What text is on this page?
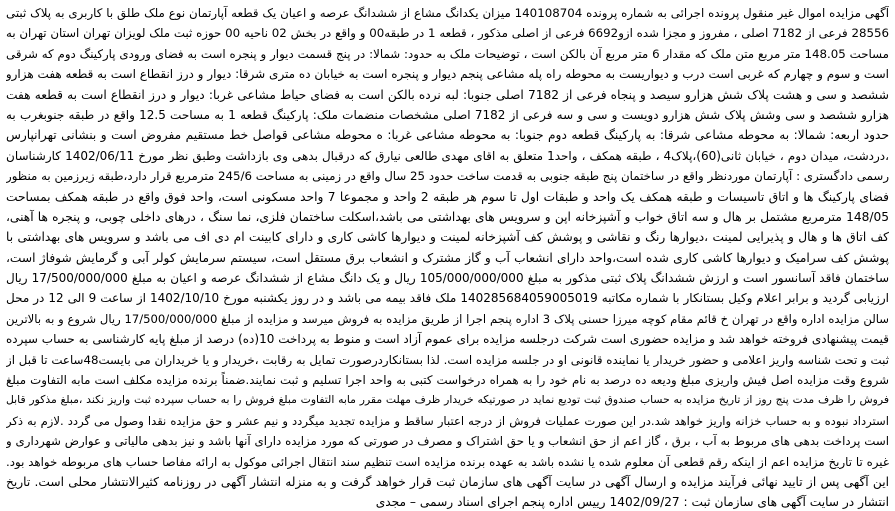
آگهی مزایده اموال غیر منقول پرونده اجرائی به شماره پرونده 140108704 میزان یکدانگ مشاع از ششدانگ عرصه و اعیان یک قطعه آپارتمان نوع ملک طلق با کاربری به پلاک ثبتی
28556 فرعی از 7182 اصلی ، مفروز و مجزا شده ازو6692 فرعی از اصلی مذکور ، قطعه 1 در طبقه00 و واقع در بخش 02 ناحیه 00 حوزه ثبت ملک لویزان تهران استان تهران به
مساحت 148.05 متر مربع متن ملک که مقدار 6 متر مربع آن بالکن است ، توضیحات ملک به حدود: شمالا: در پنج قسمت دیوار و پنجره است به فضای ورودی پارکینگ دوم که شرقی
است و سوم و چهارم که غربی است درب و دیواریست به محوطه راه پله مشاعی پنجم دیوار و پنجره است به خیابان ده متری شرقا: دیوار و درز انقطاع است به قطعه هفت هزارو
ششصد و سی و هشت پلاک شش هزارو سیصد و پنجاه فرعی از 7182 اصلی جنوبا: لبه نرده بالکن است به فضای حیاط مشاعی غربا: دیوار و درز انقطاع است به قطعه هفت
هزارو ششصد و سی وشش پلاک شش هزارو دویست و سی و سه فرعی از 7182 اصلی مشخصات منضمات ملک: پارکینگ قطعه 1 به مساحت 12.5 واقع در طبقه جنوبغرب به
حدود اربعه: شمالا: به محوطه مشاعی شرقا: به پارکینگ قطعه دوم جنوبا: به محوطه مشاعی غربا: ه محوطه مشاعی قواصل خط مستقیم مفروض است و بنشانی تهرانپارس
،دردشت، میدان دوم ، خیابان ثانی(60)،پلاک4 ، طبقه همکف ، واحد1 متعلق به اقای مهدی طالعی نیارق که درقبال بدهی وی بازداشت وطبق نظر مورخ 1402/06/11 کارشناسان
رسمی دادگستری : آپارتمان موردنظر واقع در ساختمان پنج طبقه جنوبی به قدمت ساخت حدود 25 سال واقع در زمینی به مساحت 245/6 مترمربع قرار دارد،طبقه زیرزمین به منظور
فضای پارکینگ ها و اتاق تاسیسات و طبقه همکف یک واحد و طبقات اول تا سوم هر طبقه 2 واحد و مجموعا 7 واحد مسکونی است، واحد فوق واقع در طبقه همکف بمساحت
148/05 مترمربع مشتمل بر هال و سه اتاق خواب و آشپزخانه اپن و سرویس های بهداشتی می باشد،اسکلت ساختمان فلزی، نما سنگ ، درهای داخلی چوبی، و پنجره ها آهنی،
کف اتاق ها و هال و پذیرایی لمینت ،دیوارها رنگ و نقاشی و پوشش کف آشپزخانه لمینت و دیوارها کاشی کاری و دارای کابینت ام دی اف می باشد و سرویس های بهداشتی با
پوشش کف سرامیک و دیوارها کاشی کاری شده است،واحد دارای انشعاب آب و گاز مشترک و انشعاب برق مستقل است، سیستم سرمایش کولر آبی و گرمایش شوفاژ است،
ساختمان فاقد آسانسور است و ارزش ششدانگ پلاک ثبتی مذکور به مبلغ 105/000/000/000 ریال و یک دانگ مشاع از ششدانگ عرصه و اعیان به مبلغ 17/500/000/000 ریال
ارزیابی گردید و برابر اعلام وکیل بستانکار با شماره مکاتبه 140285684059005019 ملک فاقد بیمه می باشد و در روز یکشنبه مورخ 1402/10/10 از ساعت 9 الی 12 در محل
سالن مزایده اداره واقع در تهران خ قائم مقام کوچه میرزا حسنی پلاک 3 اداره پنجم اجرا از طریق مزایده به فروش میرسد و مزایده از مبلغ 17/500/000/000 ریال شروع و به بالاترین
قیمت پیشنهادی فروخته خواهد شد و مزایده حضوری است شرکت درجلسه مزایده برای عموم آزاد است و منوط به پرداخت 10(ده) درصد از مبلغ پایه کارشناسی به حساب سپرده
ثبت و تحت شناسه واریز اعلامی و حضور خریدار یا نماینده قانونی او در جلسه مزایده است. لذا بستانکاردرصورت تمایل به رقابت ،خریدار و یا خریداران می بایست48ساعت تا قبل از
شروع وقت مزایده اصل فیش واریزی مبلغ ودیعه ده درصد به نام خود را به همراه درخواست کتبی به واحد اجرا تسلیم و ثبت نمایند.ضمناً برنده مزایده مکلف است مابه التفاوت مبلغ
فروش را ظرف مدت پنج روز از تاریخ مزایده به حساب صندوق ثبت تودیع نماید در صورتیکه خریدار ظرف مهلت مقرر مابه التفاوت مبلغ فروش را به حساب سپرده ثبت واریز نکند ،مبلغ مذکور قابل
استرداد نبوده و به حساب خزانه واریز خواهد شد.در این صورت عملیات فروش از درجه اعتبار ساقط و مزایده تجدید میگردد و نیم عشر و حق مزایده نقدا وصول می گردد .لازم به ذکر
است پرداخت بدهی های مربوط به آب ، برق ، گاز اعم از حق انشعاب و یا حق اشتراک و مصرف در صورتی که مورد مزایده دارای آنها باشد و نیز بدهی مالیاتی و عوارض شهرداری و
غیره تا تاریخ مزایده اعم از اینکه رقم قطعی آن معلوم شده یا نشده باشد به عهده برنده مزایده است تنظیم سند انتقال اجرائی موکول به ارائه مفاصا حساب های مربوطه خواهد بود.
این آگهی پس از تایید نهائی فرآیند مزایده و ارسال آگهی در سایت آگهی های سازمان ثبت قرار خواهد گرفت و به منزله انتشار آگهی در روزنامه کثیرالانتشار محلی است. تاریخ
انتشار در سایت آگهی های سازمان ثبت : 1402/09/27 رییس اداره پنجم اجرای اسناد رسمی – مجدی
